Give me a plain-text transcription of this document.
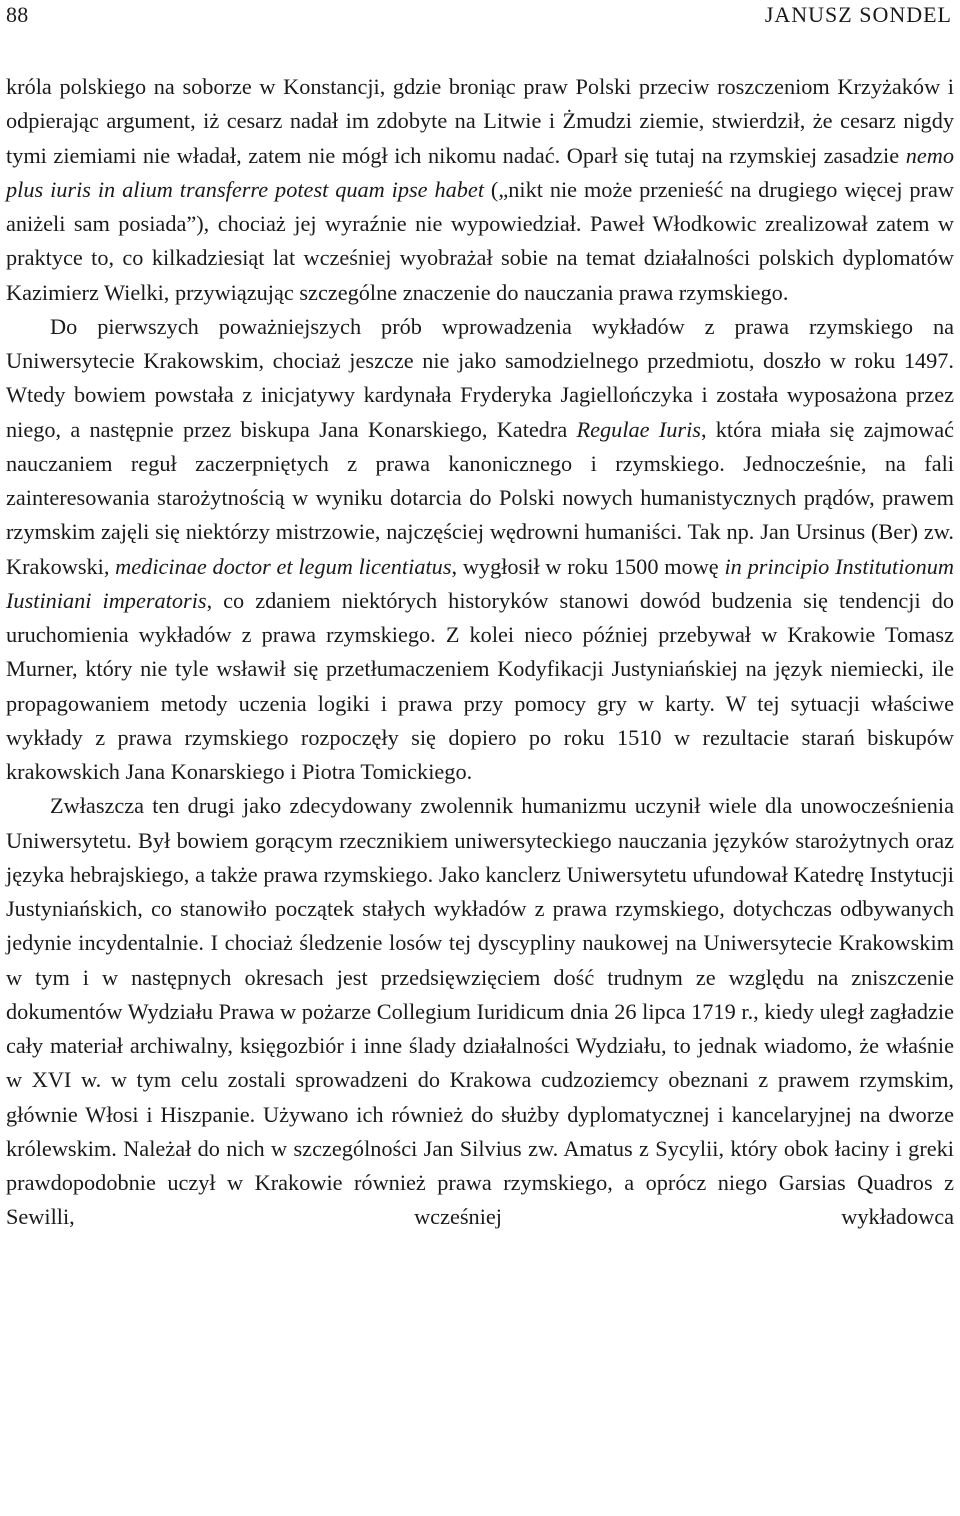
88	JANUSZ SONDEL

króla polskiego na soborze w Konstancji, gdzie broniąc praw Polski przeciw roszczeniom Krzyżaków i odpierając argument, iż cesarz nadał im zdobyte na Litwie i Żmudzi ziemie, stwierdził, że cesarz nigdy tymi ziemiami nie władał, zatem nie mógł ich nikomu nadać. Oparł się tutaj na rzymskiej zasadzie nemo plus iuris in alium transferre potest quam ipse habet („nikt nie może przenieść na drugiego więcej praw aniżeli sam posiada”), chociaż jej wyraźnie nie wypowiedział. Paweł Włodkowic zrealizował zatem w praktyce to, co kilkadziesiąt lat wcześniej wyobrażał sobie na temat działalności polskich dyplomatów Kazimierz Wielki, przywiązując szczególne znaczenie do nauczania prawa rzymskiego.

Do pierwszych poważniejszych prób wprowadzenia wykładów z prawa rzymskiego na Uniwersytecie Krakowskim, chociaż jeszcze nie jako samodzielnego przedmiotu, doszło w roku 1497. Wtedy bowiem powstała z inicjatywy kardynała Fryderyka Jagiellończyka i została wyposażona przez niego, a następnie przez biskupa Jana Konarskiego, Katedra Regulae Iuris, która miała się zajmować nauczaniem reguł zaczerpniętych z prawa kanonicznego i rzymskiego. Jednocześnie, na fali zainteresowania starożytnością w wyniku dotarcia do Polski nowych humanistycznych prądów, prawem rzymskim zajęli się niektórzy mistrzowie, najczęściej wędrowni humaniści. Tak np. Jan Ursinus (Ber) zw. Krakowski, medicinae doctor et legum licentiatus, wygłosił w roku 1500 mowę in principio Institutionum Iustiniani imperatoris, co zdaniem niektórych historyków stanowi dowód budzenia się tendencji do uruchomienia wykładów z prawa rzymskiego. Z kolei nieco później przebywał w Krakowie Tomasz Murner, który nie tyle wsławił się przetłumaczeniem Kodyfikacji Justyniańskiej na język niemiecki, ile propagowaniem metody uczenia logiki i prawa przy pomocy gry w karty. W tej sytuacji właściwe wykłady z prawa rzymskiego rozpoczęły się dopiero po roku 1510 w rezultacie starań biskupów krakowskich Jana Konarskiego i Piotra Tomickiego.

Zwłaszcza ten drugi jako zdecydowany zwolennik humanizmu uczynił wiele dla unowocześnienia Uniwersytetu. Był bowiem gorącym rzecznikiem uniwersyteckiego nauczania języków starożytnych oraz języka hebrajskiego, a także prawa rzymskiego. Jako kanclerz Uniwersytetu ufundował Katedrę Instytucji Justyniańskich, co stanowiło początek stałych wykładów z prawa rzymskiego, dotychczas odbywanych jedynie incydentalnie. I chociaż śledzenie losów tej dyscypliny naukowej na Uniwersytecie Krakowskim w tym i w następnych okresach jest przedsięwzięciem dość trudnym ze względu na zniszczenie dokumentów Wydziału Prawa w pożarze Collegium Iuridicum dnia 26 lipca 1719 r., kiedy uległ zagładzie cały materiał archiwalny, księgozbiór i inne ślady działalności Wydziału, to jednak wiadomo, że właśnie w XVI w. w tym celu zostali sprowadzeni do Krakowa cudzoziemcy obeznani z prawem rzymskim, głównie Włosi i Hiszpanie. Używano ich również do służby dyplomatycznej i kancelaryjnej na dworze królewskim. Należał do nich w szczególności Jan Silvius zw. Amatus z Sycylii, który obok łaciny i greki prawdopodobnie uczył w Krakowie również prawa rzymskiego, a oprócz niego Garsias Quadros z Sewilli, wcześniej wykładowca
